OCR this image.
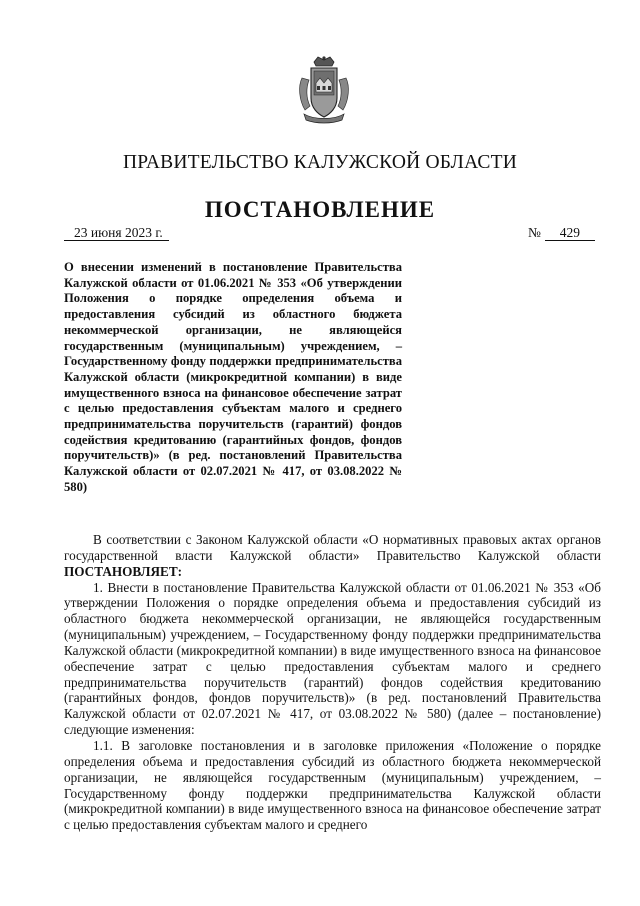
ПРАВИТЕЛЬСТВО КАЛУЖСКОЙ ОБЛАСТИ
ПОСТАНОВЛЕНИЕ
23 июня 2023 г.	№ 429
О внесении изменений в постановление Правительства Калужской области от 01.06.2021 № 353 «Об утверждении Положения о порядке определения объема и предоставления субсидий из областного бюджета некоммерческой организации, не являющейся государственным (муниципальным) учреждением, – Государственному фонду поддержки предпринимательства Калужской области (микрокредитной компании) в виде имущественного взноса на финансовое обеспечение затрат с целью предоставления субъектам малого и среднего предпринимательства поручительств (гарантий) фондов содействия кредитованию (гарантийных фондов, фондов поручительств)» (в ред. постановлений Правительства Калужской области от 02.07.2021 № 417, от 03.08.2022 № 580)

В соответствии с Законом Калужской области «О нормативных правовых актах органов государственной власти Калужской области» Правительство Калужской области ПОСТАНОВЛЯЕТ:

1. Внести в постановление Правительства Калужской области от 01.06.2021 № 353 «Об утверждении Положения о порядке определения объема и предоставления субсидий из областного бюджета некоммерческой организации, не являющейся государственным (муниципальным) учреждением, – Государственному фонду поддержки предпринимательства Калужской области (микрокредитной компании) в виде имущественного взноса на финансовое обеспечение затрат с целью предоставления субъектам малого и среднего предпринимательства поручительств (гарантий) фондов содействия кредитованию (гарантийных фондов, фондов поручительств)» (в ред. постановлений Правительства Калужской области от 02.07.2021 № 417, от 03.08.2022 № 580) (далее – постановление) следующие изменения:

1.1. В заголовке постановления и в заголовке приложения «Положение о порядке определения объема и предоставления субсидий из областного бюджета некоммерческой организации, не являющейся государственным (муниципальным) учреждением, – Государственному фонду поддержки предпринимательства Калужской области (микрокредитной компании) в виде имущественного взноса на финансовое обеспечение затрат с целью предоставления субъектам малого и среднего
